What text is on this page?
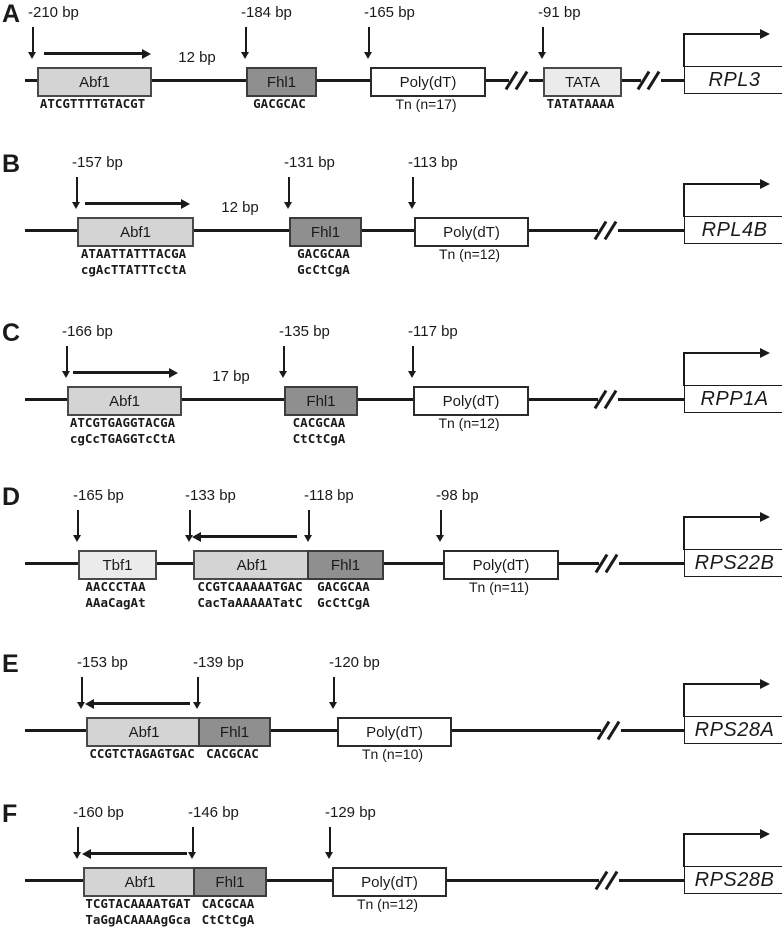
A
Abf1
ATCGTTTTGTACGT
Fhl1
GACGCAC
Poly(dT)
Tn (n=17)
TATA
TATATAAAA
-210 bp	-184 bp	-165 bp	-91 bp
12 bp
RPL3
B
Abf1
ATAATTATTTACGA
cgAcTTATTTcCtA
Fhl1
GACGCAA
GcCtCgA
Poly(dT)
Tn (n=12)
-157 bp	-131 bp	-113 bp
12 bp
RPL4B
C
Abf1
ATCGTGAGGTACGA
cgCcTGAGGTcCtA
Fhl1
CACGCAA
CtCtCgA
Poly(dT)
Tn (n=12)
-166 bp	-135 bp	-117 bp
17 bp
RPP1A
D
Tbf1
AACCCTAA
AAaCagAt
Abf1
CCGTCAAAAATGAC
CacTaAAAAATatC
Fhl1
GACGCAA
GcCtCgA
Poly(dT)
Tn (n=11)
-165 bp	-133 bp	-118 bp	-98 bp
RPS22B
E
Abf1
CCGTCTAGAGTGAC
Fhl1
CACGCAC
Poly(dT)
Tn (n=10)
-153 bp	-139 bp	-120 bp
RPS28A
F
Abf1
TCGTACAAAATGAT
TaGgACAAAAgGca
Fhl1
CACGCAA
CtCtCgA
Poly(dT)
Tn (n=12)
-160 bp	-146 bp	-129 bp
RPS28B
